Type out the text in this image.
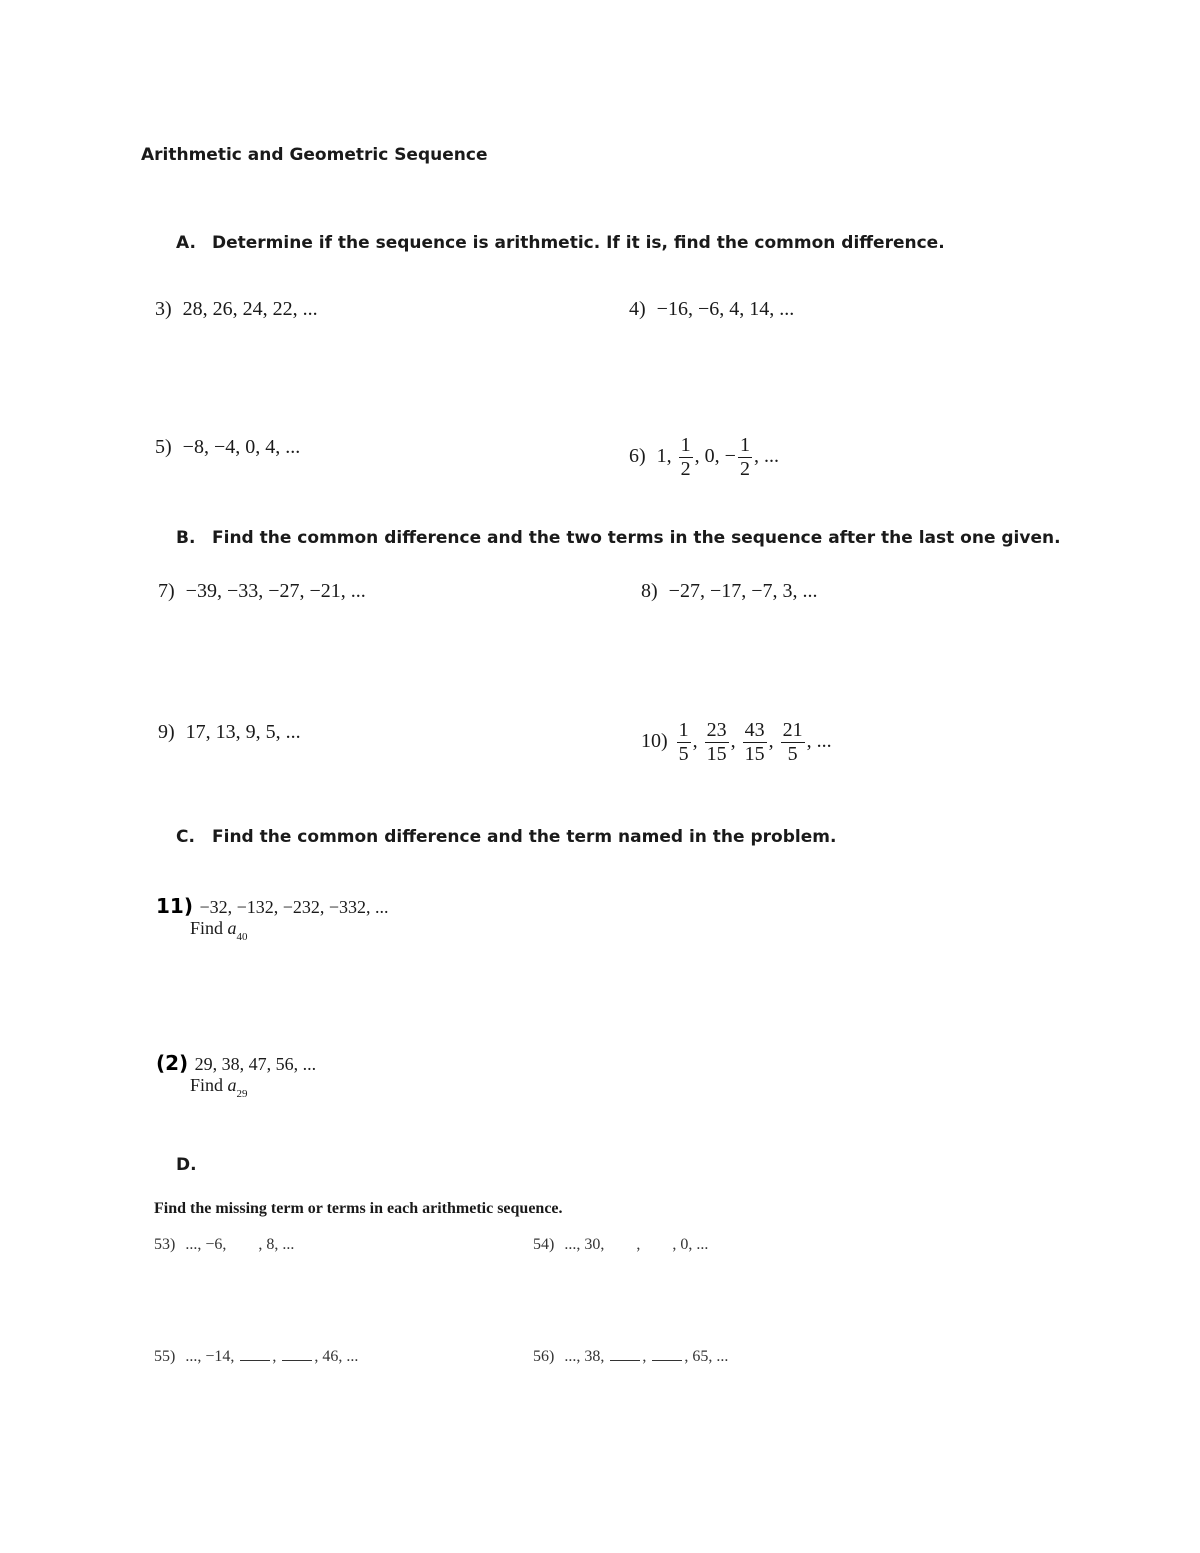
Arithmetic and Geometric Sequence
A. Determine if the sequence is arithmetic. If it is, find the common difference.
3) 28, 26, 24, 22, ...	4) −16, −6, 4, 14, ...
5) −8, −4, 0, 4, ...	6) 1, $\frac{1}{2}$ , 0, − $\frac{1}{2}$ , ...
B. Find the common difference and the two terms in the sequence after the last one given.
7) −39, −33, −27, −21, ...	8) −27, −17, −7, 3, ...
9) 17, 13, 9, 5, ...	$10) \frac{1}{5}$ , $\frac{23}{15}$ , $\frac{43}{15}$ , $\frac{21}{5}$ , ...
C. Find the common difference and the term named in the problem.
11) −32, −132, −232, −332, ...
Find $a_{40}$
(2) 29, 38, 47, 56, ...
Find $a_{29}$
D.
Find the missing term or terms in each arithmetic sequence.
53) ..., −6, , 8, ...	54) ..., 30, , , 0, ...
55) ..., −14, , , 46, ...	56) ..., 38, , , 65, ...
